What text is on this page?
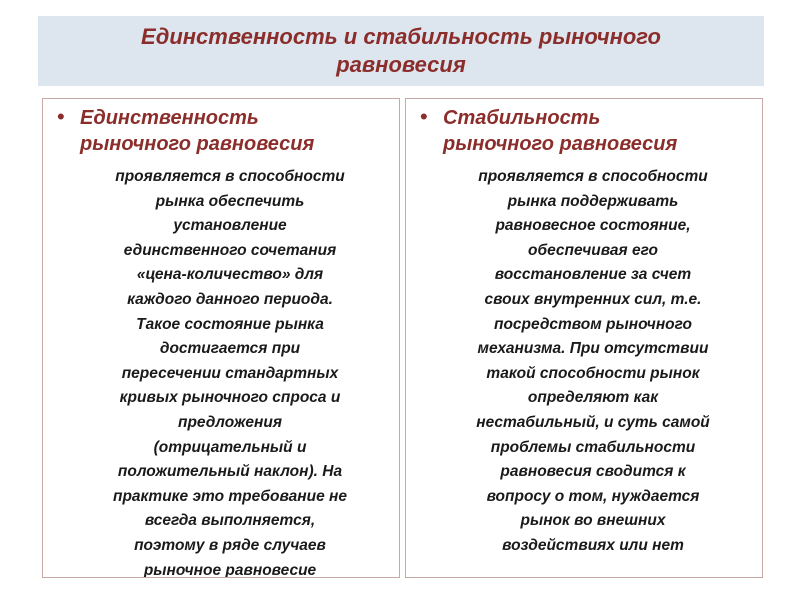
Единственность и стабильность рыночного равновесия
• Единственность
рыночного равновесия
проявляется в способности
рынка обеспечить
установление
единственного сочетания
«цена-количество» для
каждого данного периода.
Такое состояние рынка
достигается при
пересечении стандартных
кривых рыночного спроса и
предложения
(отрицательный и
положительный наклон). На
практике это требование не
всегда выполняется,
поэтому в ряде случаев
рыночное равновесие
• Стабильность
рыночного равновесия
проявляется в способности
рынка поддерживать
равновесное состояние,
обеспечивая его
восстановление за счет
своих внутренних сил, т.е.
посредством рыночного
механизма. При отсутствии
такой способности рынок
определяют как
нестабильный, и суть самой
проблемы стабильности
равновесия сводится к
вопросу о том, нуждается
рынок во внешних
воздействиях или нет
